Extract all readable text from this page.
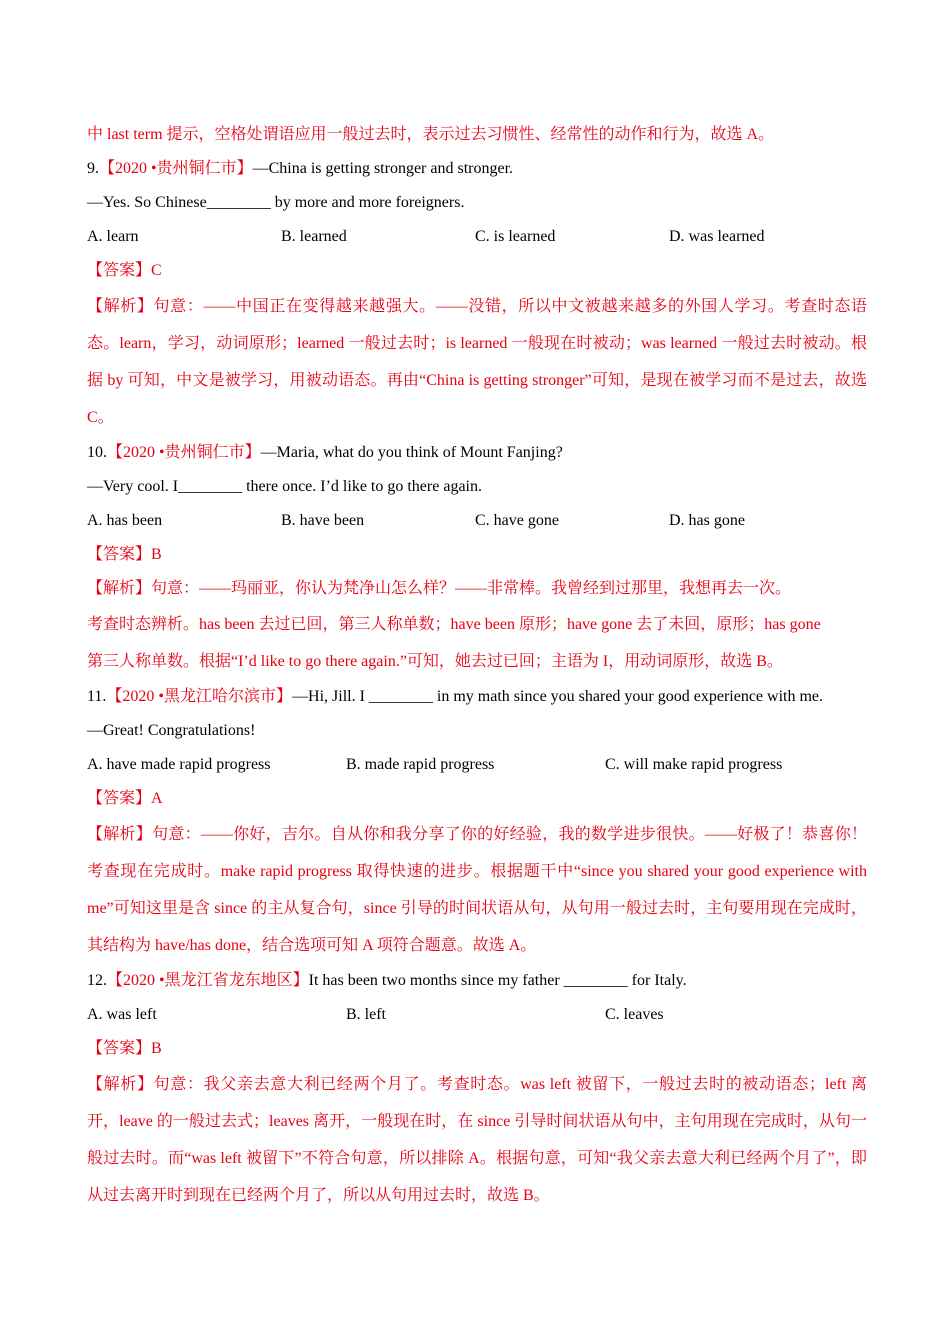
中 last term 提示，空格处谓语应用一般过去时，表示过去习惯性、经常性的动作和行为，故选 A。
9.【2020 •贵州铜仁市】—China is getting stronger and stronger.
—Yes. So Chinese________ by more and more foreigners.
A. learn	B. learned	C. is learned	D. was learned
【答案】C
【解析】句意：——中国正在变得越来越强大。——没错，所以中文被越来越多的外国人学习。考查时态语态。learn，学习，动词原形；learned 一般过去时；is learned 一般现在时被动；was learned 一般过去时被动。根据 by 可知，中文是被学习，用被动语态。再由“China is getting stronger”可知，是现在被学习而不是过去，故选 C。
10.【2020 •贵州铜仁市】—Maria, what do you think of Mount Fanjing?
—Very cool. I________ there once. I’d like to go there again.
A. has been	B. have been	C. have gone	D. has gone
【答案】B
【解析】句意：——玛丽亚，你认为梵净山怎么样？——非常棒。我曾经到过那里，我想再去一次。
考查时态辨析。has been 去过已回，第三人称单数；have been 原形；have gone 去了未回，原形；has gone
第三人称单数。根据“I’d like to go there again.”可知，她去过已回；主语为 I，用动词原形，故选 B。
11.【2020 •黑龙江哈尔滨市】—Hi, Jill. I ________ in my math since you shared your good experience with me.
—Great! Congratulations!
A. have made rapid progress	B. made rapid progress	C. will make rapid progress
【答案】A
【解析】句意：——你好，吉尔。自从你和我分享了你的好经验，我的数学进步很快。——好极了！恭喜你！考查现在完成时。make rapid progress 取得快速的进步。根据题干中“since you shared your good experience with me”可知这里是含 since 的主从复合句，since 引导的时间状语从句，从句用一般过去时，主句要用现在完成时，其结构为 have/has done，结合选项可知 A 项符合题意。故选 A。
12.【2020 •黑龙江省龙东地区】It has been two months since my father ________ for Italy.
A. was left	B. left	C. leaves
【答案】B
【解析】句意：我父亲去意大利已经两个月了。考查时态。was left 被留下，一般过去时的被动语态；left 离开，leave 的一般过去式；leaves 离开，一般现在时，在 since 引导时间状语从句中，主句用现在完成时，从句一般过去时。而“was left 被留下”不符合句意，所以排除 A。根据句意，可知“我父亲去意大利已经两个月了”，即从过去离开时到现在已经两个月了，所以从句用过去时，故选 B。
